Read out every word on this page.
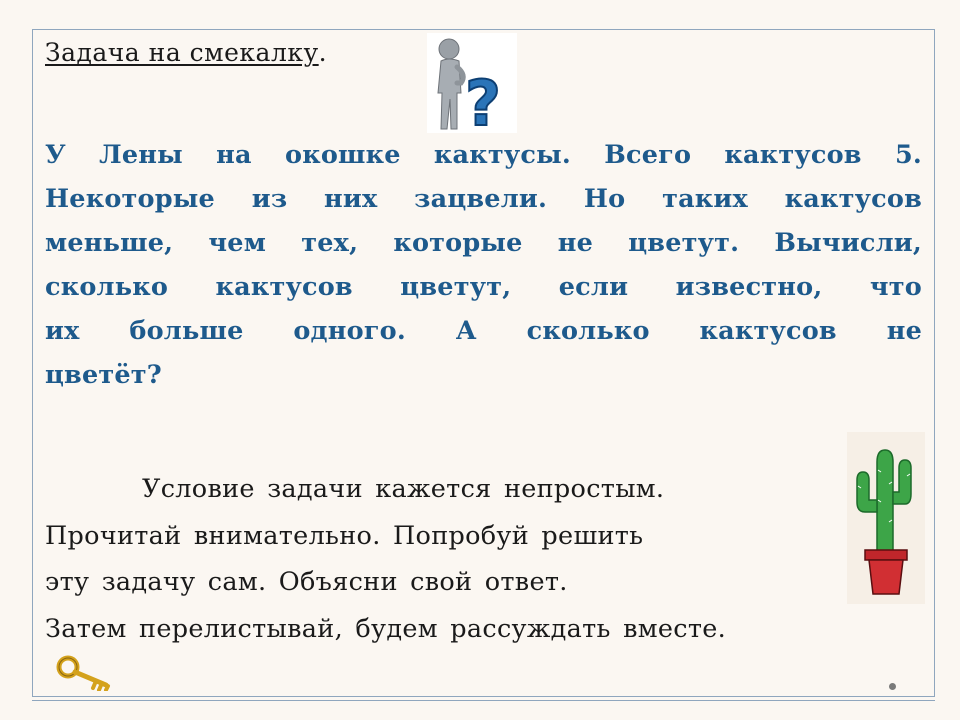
Задача на смекалку.
?
У Лены на окошке кактусы. Всего кактусов 5.
Некоторые из них зацвели. Но таких кактусов
меньше, чем тех, которые не цветут. Вычисли,
сколько кактусов цветут, если известно, что
их больше одного. А сколько кактусов не
цветёт?
Условие задачи кажется непростым.
Прочитай внимательно. Попробуй решить
эту задачу сам. Объясни свой ответ.
Затем перелистывай, будем рассуждать вместе.
